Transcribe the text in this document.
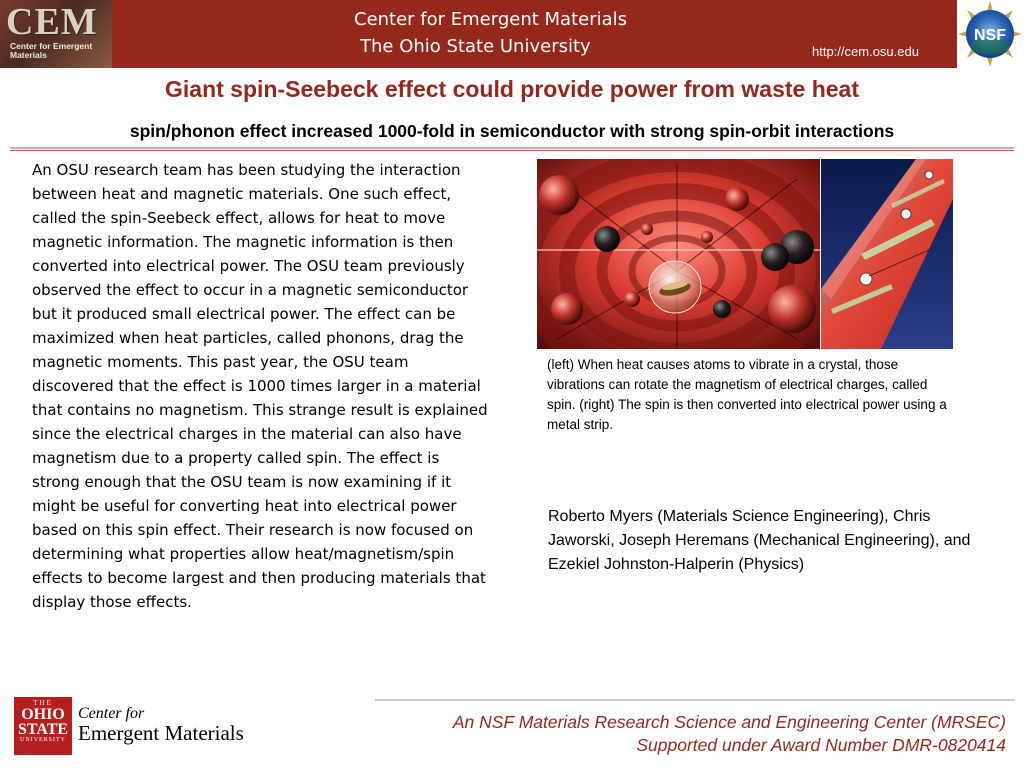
CEM
Center for Emergent Materials
Center for Emergent Materials
The Ohio State University	http://cem.osu.edu
NSF
Giant spin-Seebeck effect could provide power from waste heat
spin/phonon effect increased 1000-fold in semiconductor with strong spin-orbit interactions

An OSU research team has been studying the interaction between heat and magnetic materials. One such effect, called the spin-Seebeck effect, allows for heat to move magnetic information. The magnetic information is then converted into electrical power. The OSU team previously observed the effect to occur in a magnetic semiconductor but it produced small electrical power. The effect can be maximized when heat particles, called phonons, drag the magnetic moments. This past year, the OSU team discovered that the effect is 1000 times larger in a material that contains no magnetism. This strange result is explained since the electrical charges in the material can also have magnetism due to a property called spin. The effect is strong enough that the OSU team is now examining if it might be useful for converting heat into electrical power based on this spin effect. Their research is now focused on determining what properties allow heat/magnetism/spin effects to become largest and then producing materials that display those effects.

(left) When heat causes atoms to vibrate in a crystal, those vibrations can rotate the magnetism of electrical charges, called spin. (right) The spin is then converted into electrical power using a metal strip.

Roberto Myers (Materials Science Engineering), Chris Jaworski, Joseph Heremans (Mechanical Engineering), and Ezekiel Johnston-Halperin (Physics)

THE
OHIO
STATE
UNIVERSITY
Center for
Emergent Materials	An NSF Materials Research Science and Engineering Center (MRSEC)
Supported under Award Number DMR-0820414
